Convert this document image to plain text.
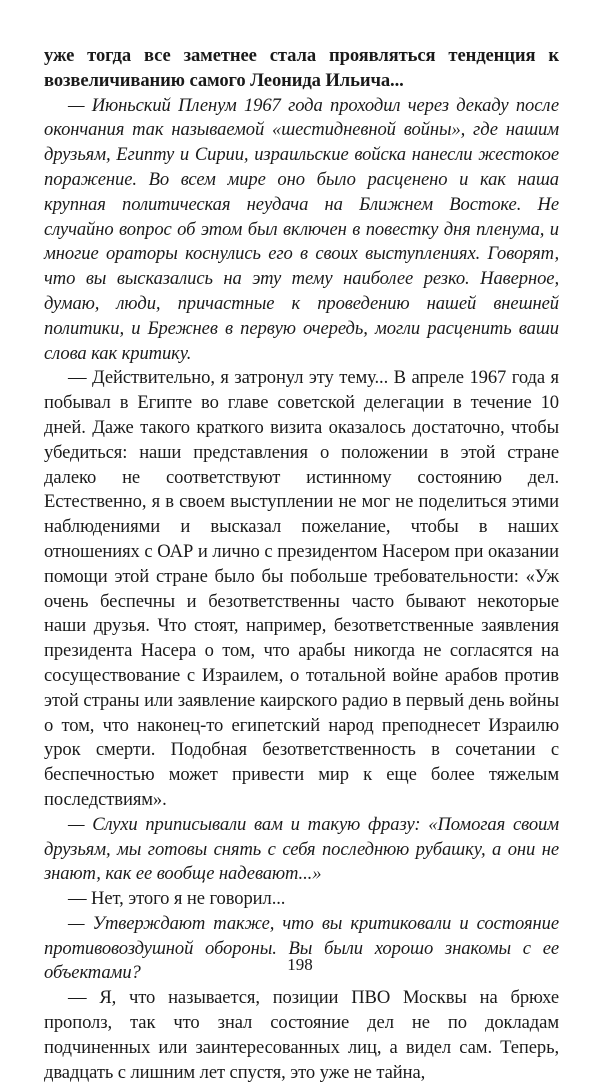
уже тогда все заметнее стала проявляться тенденция к возвеличиванию самого Леонида Ильича...

— Июньский Пленум 1967 года проходил через декаду после окончания так называемой «шестидневной войны», где нашим друзьям, Египту и Сирии, израильские войска нанесли жестокое поражение. Во всем мире оно было расценено и как наша крупная политическая неудача на Ближнем Востоке. Не случайно вопрос об этом был включен в повестку дня пленума, и многие ораторы коснулись его в своих выступлениях. Говорят, что вы высказались на эту тему наиболее резко. Наверное, думаю, люди, причастные к проведению нашей внешней политики, и Брежнев в первую очередь, могли расценить ваши слова как критику.

— Действительно, я затронул эту тему... В апреле 1967 года я побывал в Египте во главе советской делегации в течение 10 дней. Даже такого краткого визита оказалось достаточно, чтобы убедиться: наши представления о положении в этой стране далеко не соответствуют истинному состоянию дел. Естественно, я в своем выступлении не мог не поделиться этими наблюдениями и высказал пожелание, чтобы в наших отношениях с ОАР и лично с президентом Насером при оказании помощи этой стране было бы побольше требовательности: «Уж очень беспечны и безответственны часто бывают некоторые наши друзья. Что стоят, например, безответственные заявления президента Насера о том, что арабы никогда не согласятся на сосуществование с Израилем, о тотальной войне арабов против этой страны или заявление каирского радио в первый день войны о том, что наконец-то египетский народ преподнесет Израилю урок смерти. Подобная безответственность в сочетании с беспечностью может привести мир к еще более тяжелым последствиям».

— Слухи приписывали вам и такую фразу: «Помогая своим друзьям, мы готовы снять с себя последнюю рубашку, а они не знают, как ее вообще надевают...»

— Нет, этого я не говорил...

— Утверждают также, что вы критиковали и состояние противовоздушной обороны. Вы были хорошо знакомы с ее объектами?

— Я, что называется, позиции ПВО Москвы на брюхе прополз, так что знал состояние дел не по докладам подчиненных или заинтересованных лиц, а видел сам. Теперь, двадцать с лишним лет спустя, это уже не тайна,

198
